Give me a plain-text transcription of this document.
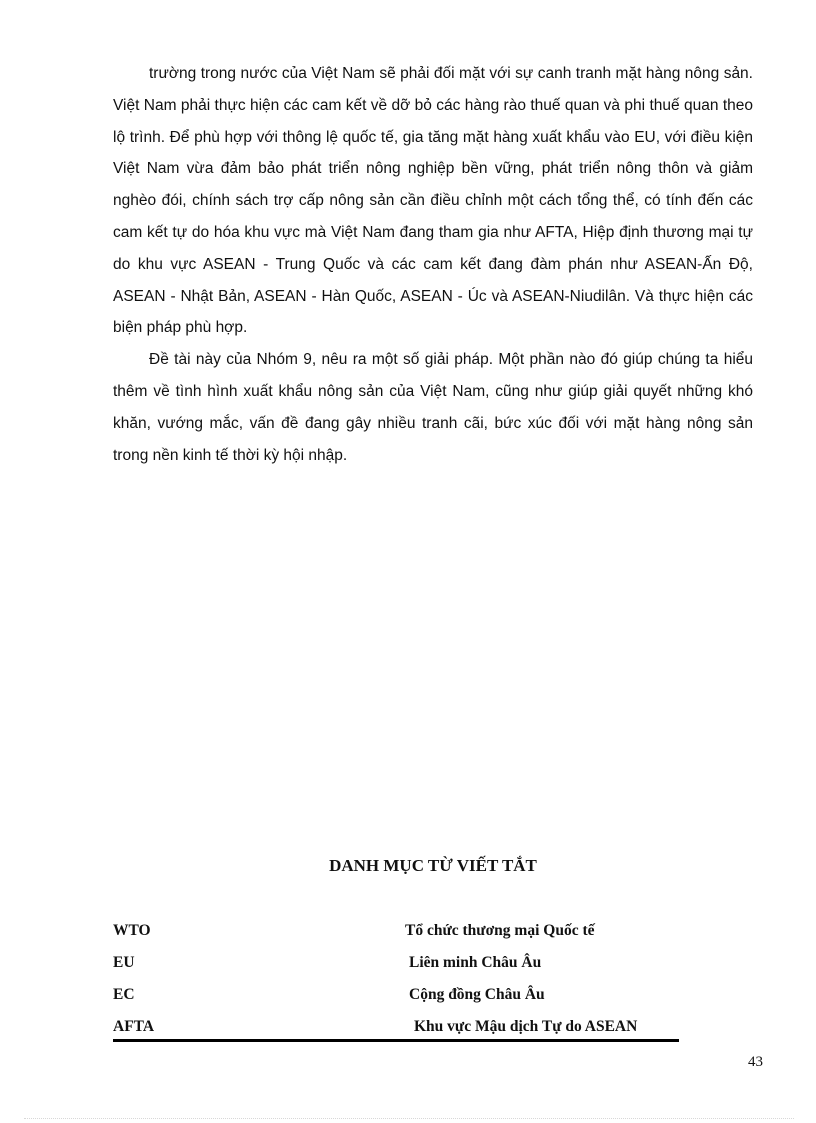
trường trong nước của Việt Nam sẽ phải đối mặt với sự canh tranh mặt hàng nông sản. Việt Nam phải thực hiện các cam kết về dỡ bỏ các hàng rào thuế quan và phi thuế quan theo lộ trình. Để phù hợp với thông lệ quốc tế, gia tăng mặt hàng xuất khẩu vào EU, với điều kiện Việt Nam vừa đảm bảo phát triển nông nghiệp bền vững, phát triển nông thôn và giảm nghèo đói, chính sách trợ cấp nông sản cần điều chỉnh một cách tổng thể, có tính đến các cam kết tự do hóa khu vực mà Việt Nam đang tham gia như AFTA, Hiệp định thương mại tự do khu vực ASEAN - Trung Quốc và các cam kết đang đàm phán như ASEAN-Ấn Độ, ASEAN - Nhật Bản, ASEAN - Hàn Quốc, ASEAN - Úc và ASEAN-Niudilân. Và thực hiện các biện pháp phù hợp.

Đề tài này của Nhóm 9, nêu ra một số giải pháp. Một phần nào đó giúp chúng ta hiểu thêm về tình hình xuất khẩu nông sản của Việt Nam, cũng như giúp giải quyết những khó khăn, vướng mắc, vấn đề đang gây nhiều tranh cãi, bức xúc đối với mặt hàng nông sản trong nền kinh tế thời kỳ hội nhập.

DANH MỤC TỪ VIẾT TẮT
WTO	Tổ chức thương mại Quốc tế
EU	Liên minh Châu Âu
EC	Cộng đồng Châu Âu
AFTA	Khu vực Mậu dịch Tự do ASEAN
43
